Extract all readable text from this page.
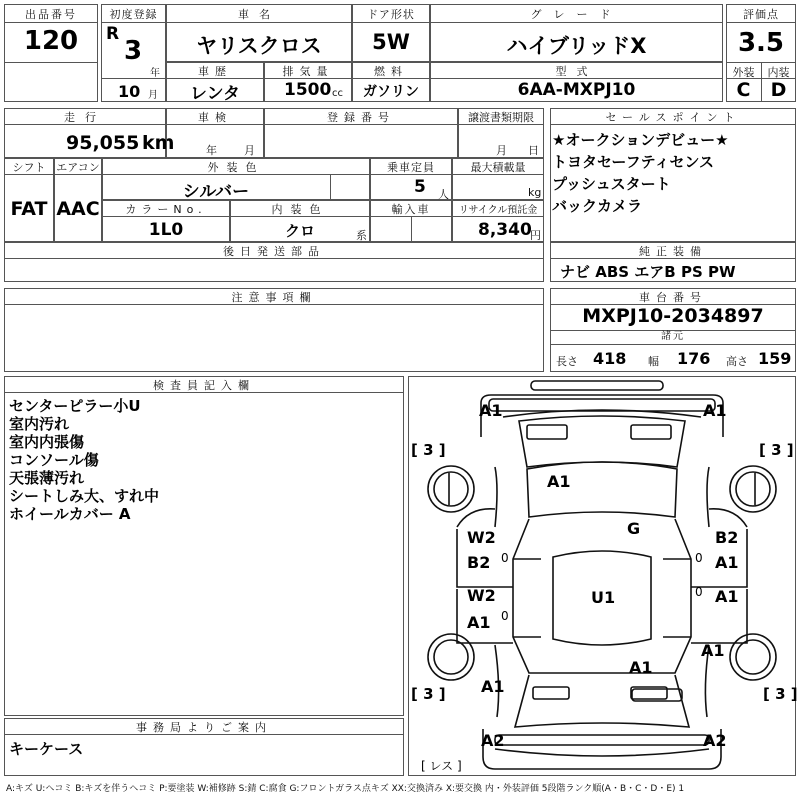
出品番号
120
初度登録
R
3
年
10 月
車名
ヤリスクロス
ドア形状
5W
グレード
ハイブリッドX
評価点
3.5
外装	内装
C	D
車歴
レンタ
排気量
1500 cc
燃料
ガソリン
型式
6AA-MXPJ10
走行
95,055 km
車検
年 月
登録番号	譲渡書類期限
月 日
シフト
FAT
エアコン
AAC
外装色
シルバー
乗車定員
5 人
最大積載量
kg
カラーNo.
1L0
内装色
クロ	系
輸入車	リサイクル預託金
8,340
円
後日発送部品
セールスポイント
★オークションデビュー★
トヨタセーフティセンス
プッシュスタート
バックカメラ
純正装備
ナビ ABS エアB PS PW
注意事項欄	車台番号
MXPJ10-2034897
諸元
長さ 418 幅 176 高さ 159
検査員記入欄
センターピラー小U
室内汚れ
室内内張傷
コンソール傷
天張薄汚れ
シートしみ大、すれ中
ホイールカバー A
事務局よりご案内
キーケース
A1	A1
A1
G
W2
B2
W2
A1
B2
A1
A1
U1
A1
A1
A1
A2	A2
[ 3 ]	[ 3 ]
[ 3 ]	[ 3 ]
0
0
0
0
[ レス ]
A:キズ U:ヘコミ B:キズを伴うヘコミ P:要塗装 W:補修跡 S:錆 C:腐食 G:フロントガラス点キズ XX:交換済み X:要交換 内・外装評価 5段階ランク順(A・B・C・D・E) 1
